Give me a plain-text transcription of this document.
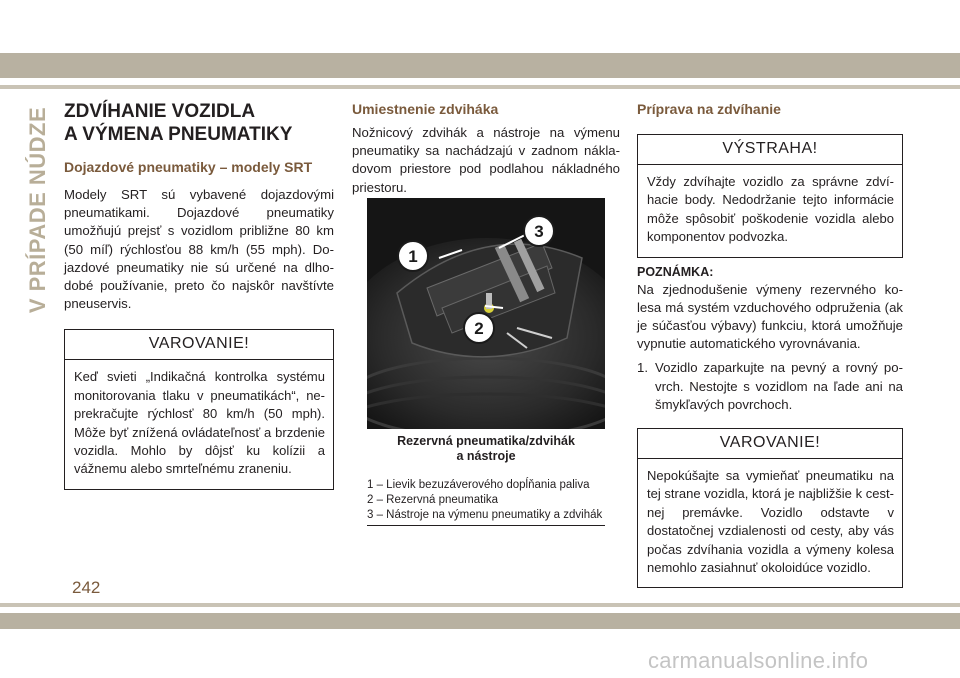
V PRÍPADE NÚDZE ZDVÍHANIE VOZIDLA
A VÝMENA PNEUMATIKY
Dojazdové pneumatiky – modely SRT

Modely SRT sú vybavené dojazdovými pneumatikami. Dojazdové pneumatiky umožňujú prejsť s vozidlom približne 80 km (50 míľ) rýchlosťou 88 km/h (55 mph). Dojazdové pneumatiky nie sú určené na dlhodobé používanie, preto čo najskôr navštívte pneuservis.

VAROVANIE!
Keď svieti „Indikačná kontrolka systému monitorovania tlaku v pneumatikách“, neprekračujte rýchlosť 80 km/h (50 mph). Môže byť znížená ovládateľnosť a brzdenie vozidla. Mohlo by dôjsť ku kolízii a vážnemu alebo smrteľnému zraneniu.
Umiestnenie zdviháka

Nožnicový zdvihák a nástroje na výmenu pneumatiky sa nachádzajú v zadnom nákladovom priestore pod podlahou nákladného priestoru.

1
2
3
Rezervná pneumatika/zdvihák
a nástroje
1 – Lievik bezuzáverového dopĺňania paliva
2 – Rezervná pneumatika
3 – Nástroje na výmenu pneumatiky a zdvihák
Príprava na zdvíhanie
VÝSTRAHA!
Vždy zdvíhajte vozidlo za správne zdvíhacie body. Nedodržanie tejto informácie môže spôsobiť poškodenie vozidla alebo komponentov podvozka.
POZNÁMKA:

Na zjednodušenie výmeny rezervného kolesa má systém vzduchového odpruženia (ak je súčasťou výbavy) funkciu, ktorá umožňuje vypnutie automatického vyrovnávania.

1. Vozidlo zaparkujte na pevný a rovný povrch. Nestojte s vozidlom na ľade ani na šmykľavých povrchoch.
VAROVANIE!
Nepokúšajte sa vymieňať pneumatiku na tej strane vozidla, ktorá je najbližšie k cestnej premávke. Vozidlo odstavte v dostatočnej vzdialenosti od cesty, aby vás počas zdvíhania vozidla a výmeny kolesa nemohlo zasiahnuť okoloidúce vozidlo.
242
carmanualsonline.info
